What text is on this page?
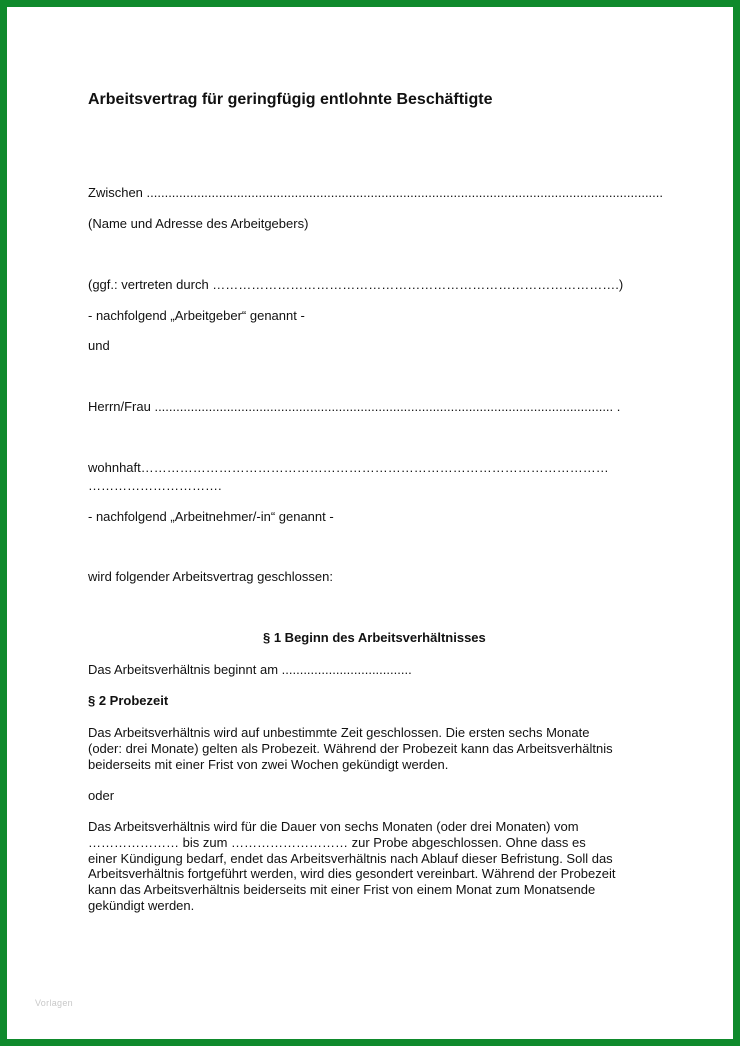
Arbeitsvertrag für geringfügig entlohnte Beschäftigte

Zwischen ...............................................................................................................................................

(Name und Adresse des Arbeitgebers)

(ggf.: vertreten durch ………………………………………………………………………………….)

- nachfolgend „Arbeitgeber“ genannt -

und

Herrn/Frau ............................................................................................................................... .

wohnhaft………………………………………………………………………………………………

………………………….

- nachfolgend „Arbeitnehmer/-in“ genannt -

wird folgender Arbeitsvertrag geschlossen:

§ 1 Beginn des Arbeitsverhältnisses

Das Arbeitsverhältnis beginnt am ....................................

§ 2 Probezeit
Das Arbeitsverhältnis wird auf unbestimmte Zeit geschlossen. Die ersten sechs Monate
(oder: drei Monate) gelten als Probezeit. Während der Probezeit kann das Arbeitsverhältnis
beiderseits mit einer Frist von zwei Wochen gekündigt werden.

oder

Das Arbeitsverhältnis wird für die Dauer von sechs Monaten (oder drei Monaten) vom
………………… bis zum ……………………… zur Probe abgeschlossen. Ohne dass es
einer Kündigung bedarf, endet das Arbeitsverhältnis nach Ablauf dieser Befristung. Soll das
Arbeitsverhältnis fortgeführt werden, wird dies gesondert vereinbart. Während der Probezeit
kann das Arbeitsverhältnis beiderseits mit einer Frist von einem Monat zum Monatsende
gekündigt werden.
Vorlagen
